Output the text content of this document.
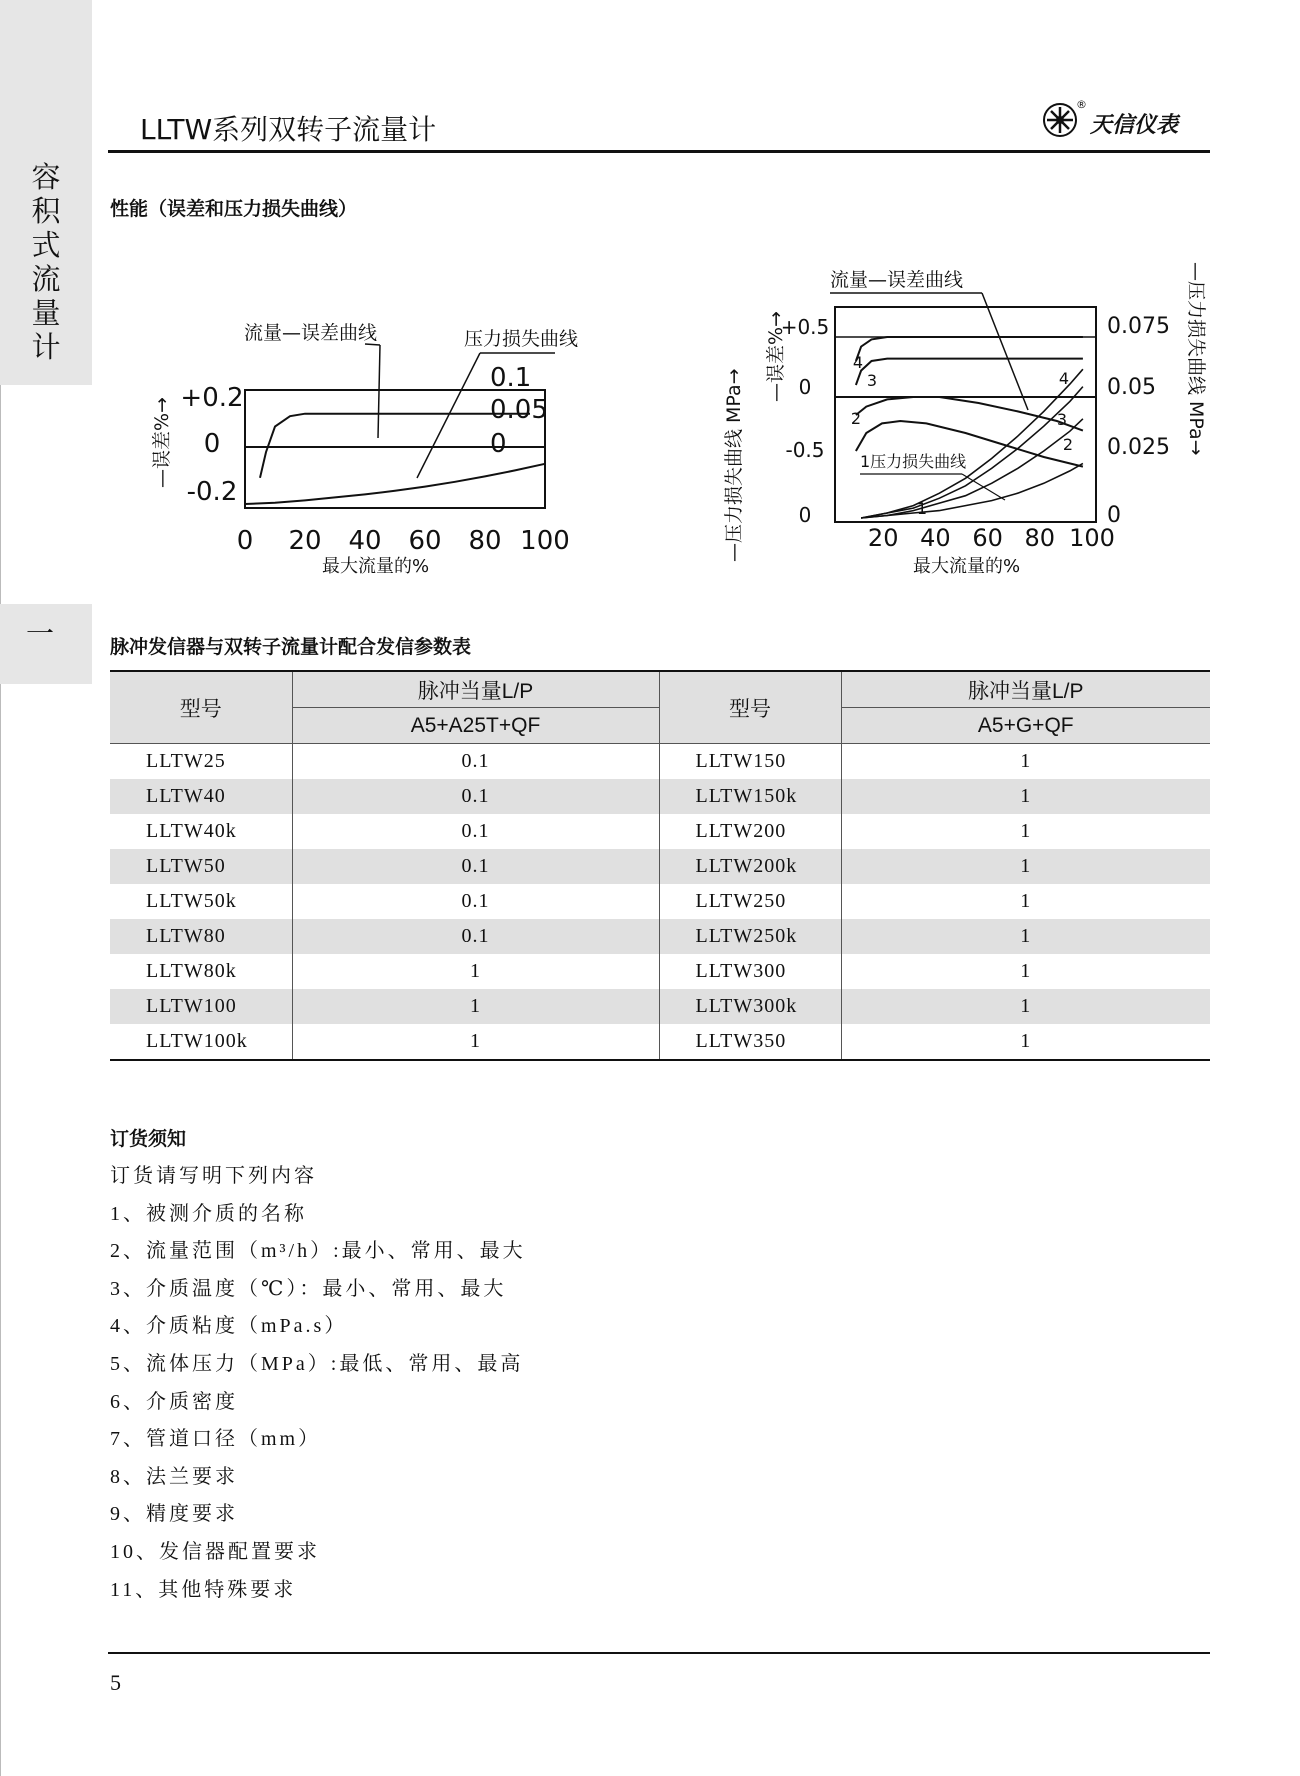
容积式流量计
一
LLTW系列双转子流量计
®
天信仪表
性能（误差和压力损失曲线）
流量—误差曲线	压力损失曲线
+0.2
0
-0.2
0.1
0.05
0
0 20 40 60 80 100
最大流量的%
—误差%→
流量—误差曲线
1压力损失曲线
1
2
3
4
2
3
4
+0.5
0
-0.5
0
0.075
0.05
0.025
0
20 40 60 80 100
最大流量的%
—误差%→
—压力损失曲线 MPa→
—压力损失曲线 MPa→
脉冲发信器与双转子流量计配合发信参数表
型号	脉冲当量L/P	型号	脉冲当量L/P
	A5+A25T+QF		A5+G+QF
LLTW25	0.1	LLTW150	1
LLTW40	0.1	LLTW150k	1
LLTW40k	0.1	LLTW200	1
LLTW50	0.1	LLTW200k	1
LLTW50k	0.1	LLTW250	1
LLTW80	0.1	LLTW250k	1
LLTW80k	1	LLTW300	1
LLTW100	1	LLTW300k	1
LLTW100k	1	LLTW350	1
订货须知
订货请写明下列内容
1、被测介质的名称
2、流量范围（m³/h）:最小、常用、最大
3、介质温度（℃）：最小、常用、最大
4、介质粘度（mPa.s）
5、流体压力（MPa）:最低、常用、最高
6、介质密度
7、管道口径（mm）
8、法兰要求
9、精度要求
10、发信器配置要求
11、其他特殊要求
5
